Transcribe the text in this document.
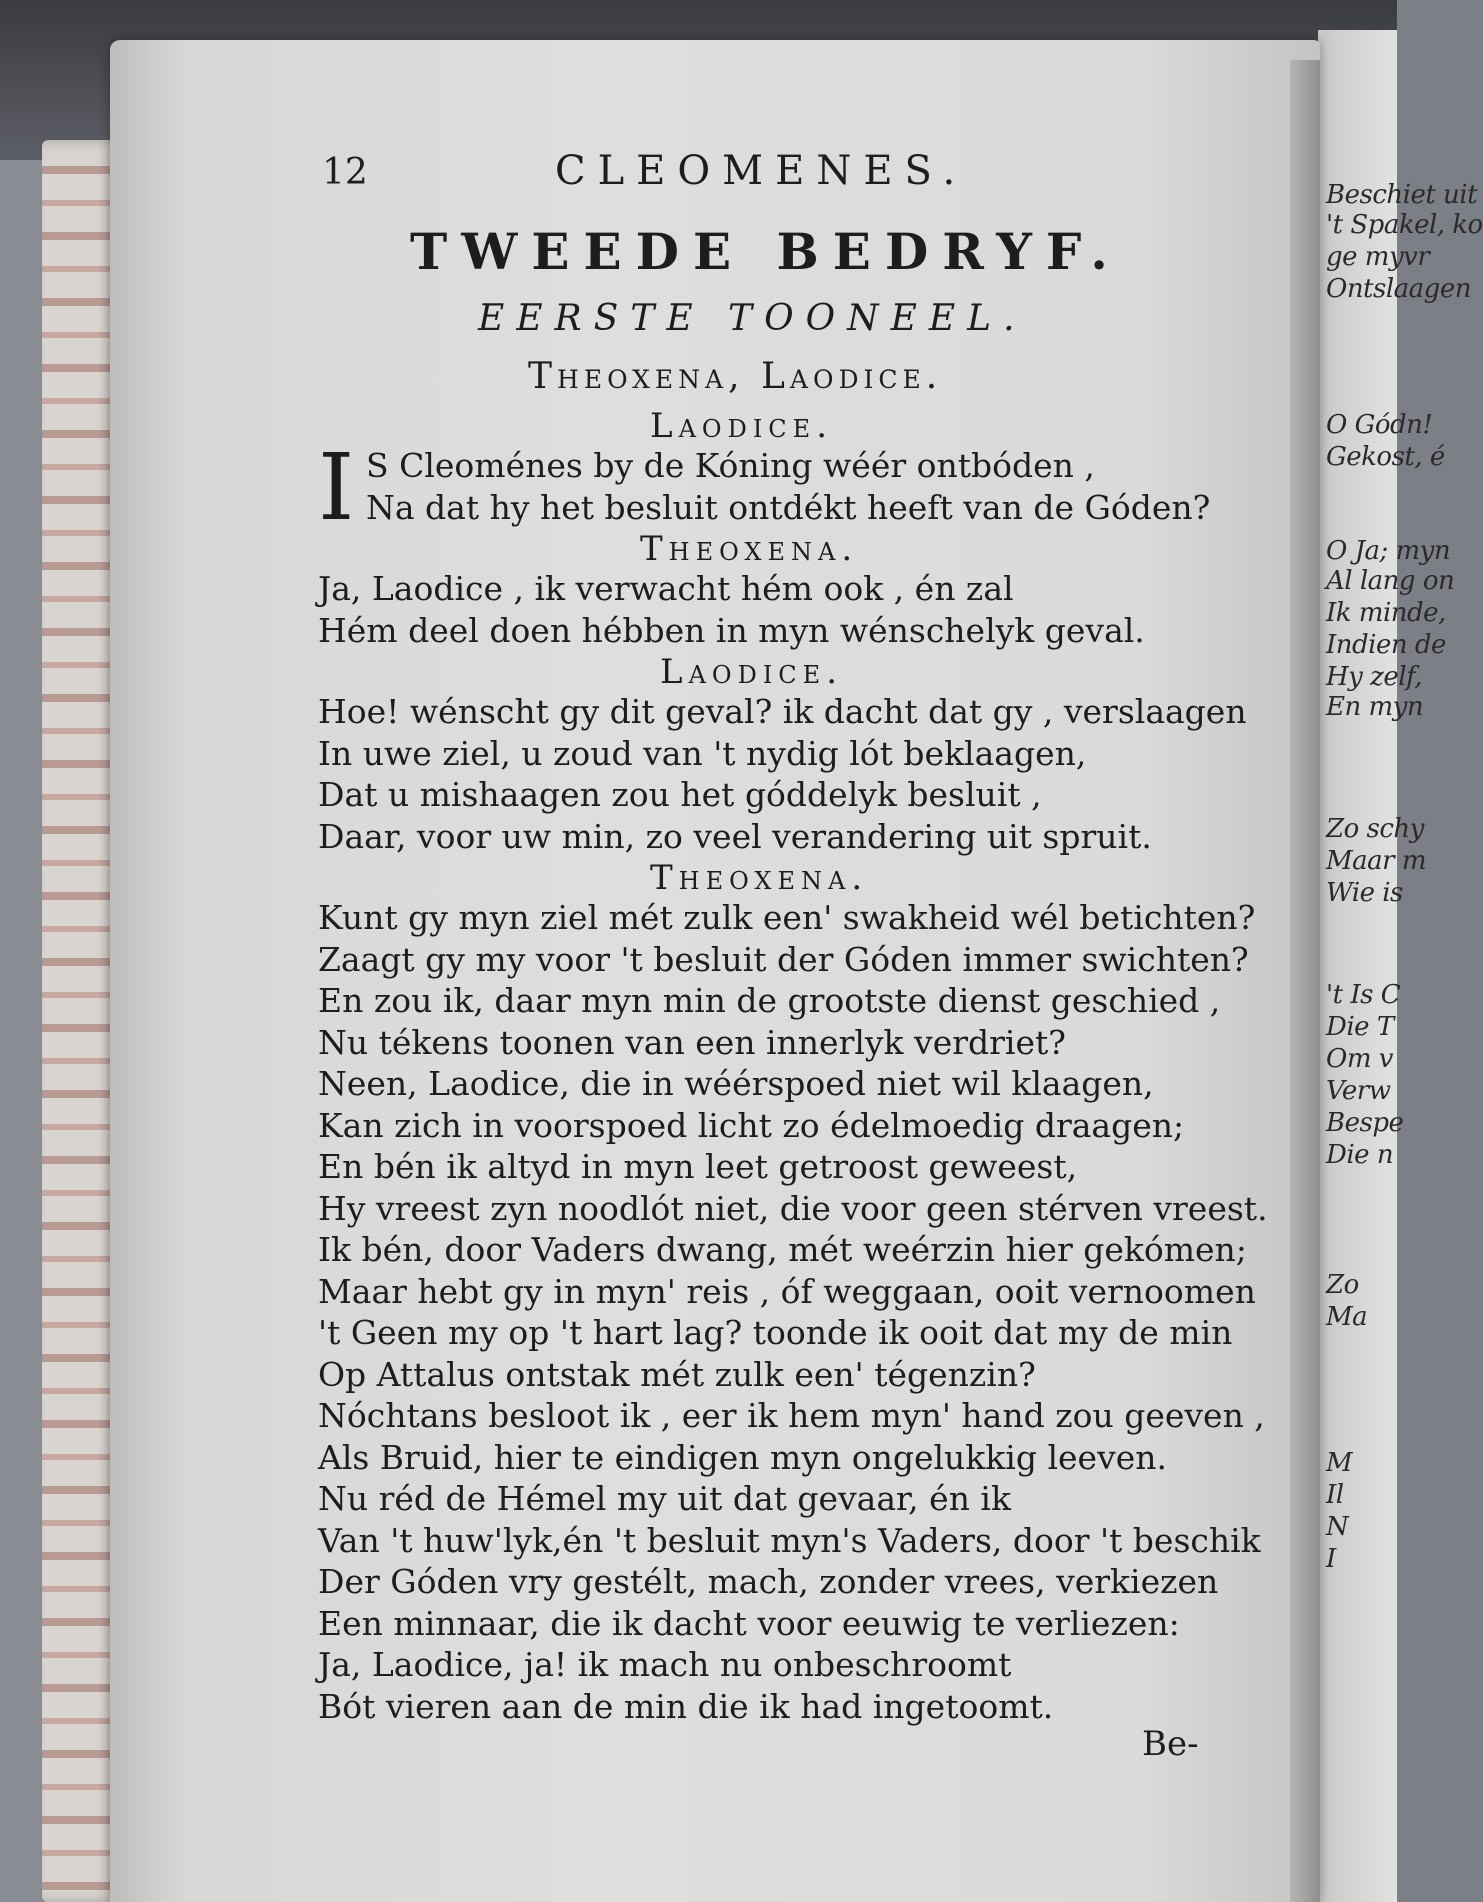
Beschiet uit
't Spakel, ko
ge myvr
Ontslaagen
O Gódn!
Gekost, é
O Ja; myn
Al lang on
Ik minde,
Indien de
Hy zelf,
En myn
Zo schy
Maar m
Wie is
't Is C
Die T
Om v
Verw
Bespe
Die n
Zo
Ma
M
Il
N
I
12	CLEOMENES.
TWEEDE BEDRYF.
EERSTE TOONEEL.
Theoxena, Laodice.
Laodice.
I S Cleoménes by de Kóning wéér ontbóden ,
Na dat hy het besluit ontdékt heeft van de Góden?
Theoxena.
Ja, Laodice , ik verwacht hém ook , én zal
Hém deel doen hébben in myn wénschelyk geval.
Laodice.
Hoe! wénscht gy dit geval? ik dacht dat gy , verslaagen
In uwe ziel, u zoud van 't nydig lót beklaagen,
Dat u mishaagen zou het góddelyk besluit ,
Daar, voor uw min, zo veel verandering uit spruit.
Theoxena.
Kunt gy myn ziel mét zulk een' swakheid wél betichten?
Zaagt gy my voor 't besluit der Góden immer swichten?
En zou ik, daar myn min de grootste dienst geschied ,
Nu tékens toonen van een innerlyk verdriet?
Neen, Laodice, die in wéérspoed niet wil klaagen,
Kan zich in voorspoed licht zo édelmoedig draagen;
En bén ik altyd in myn leet getroost geweest,
Hy vreest zyn noodlót niet, die voor geen stérven vreest.
Ik bén, door Vaders dwang, mét weérzin hier gekómen;
Maar hebt gy in myn' reis , óf weggaan, ooit vernoomen
't Geen my op 't hart lag? toonde ik ooit dat my de min
Op Attalus ontstak mét zulk een' tégenzin?
Nóchtans besloot ik , eer ik hem myn' hand zou geeven ,
Als Bruid, hier te eindigen myn ongelukkig leeven.
Nu réd de Hémel my uit dat gevaar, én ik
Van 't huw'lyk,én 't besluit myn's Vaders, door 't beschik
Der Góden vry gestélt, mach, zonder vrees, verkiezen
Een minnaar, die ik dacht voor eeuwig te verliezen:
Ja, Laodice, ja! ik mach nu onbeschroomt
Bót vieren aan de min die ik had ingetoomt.
Be-
